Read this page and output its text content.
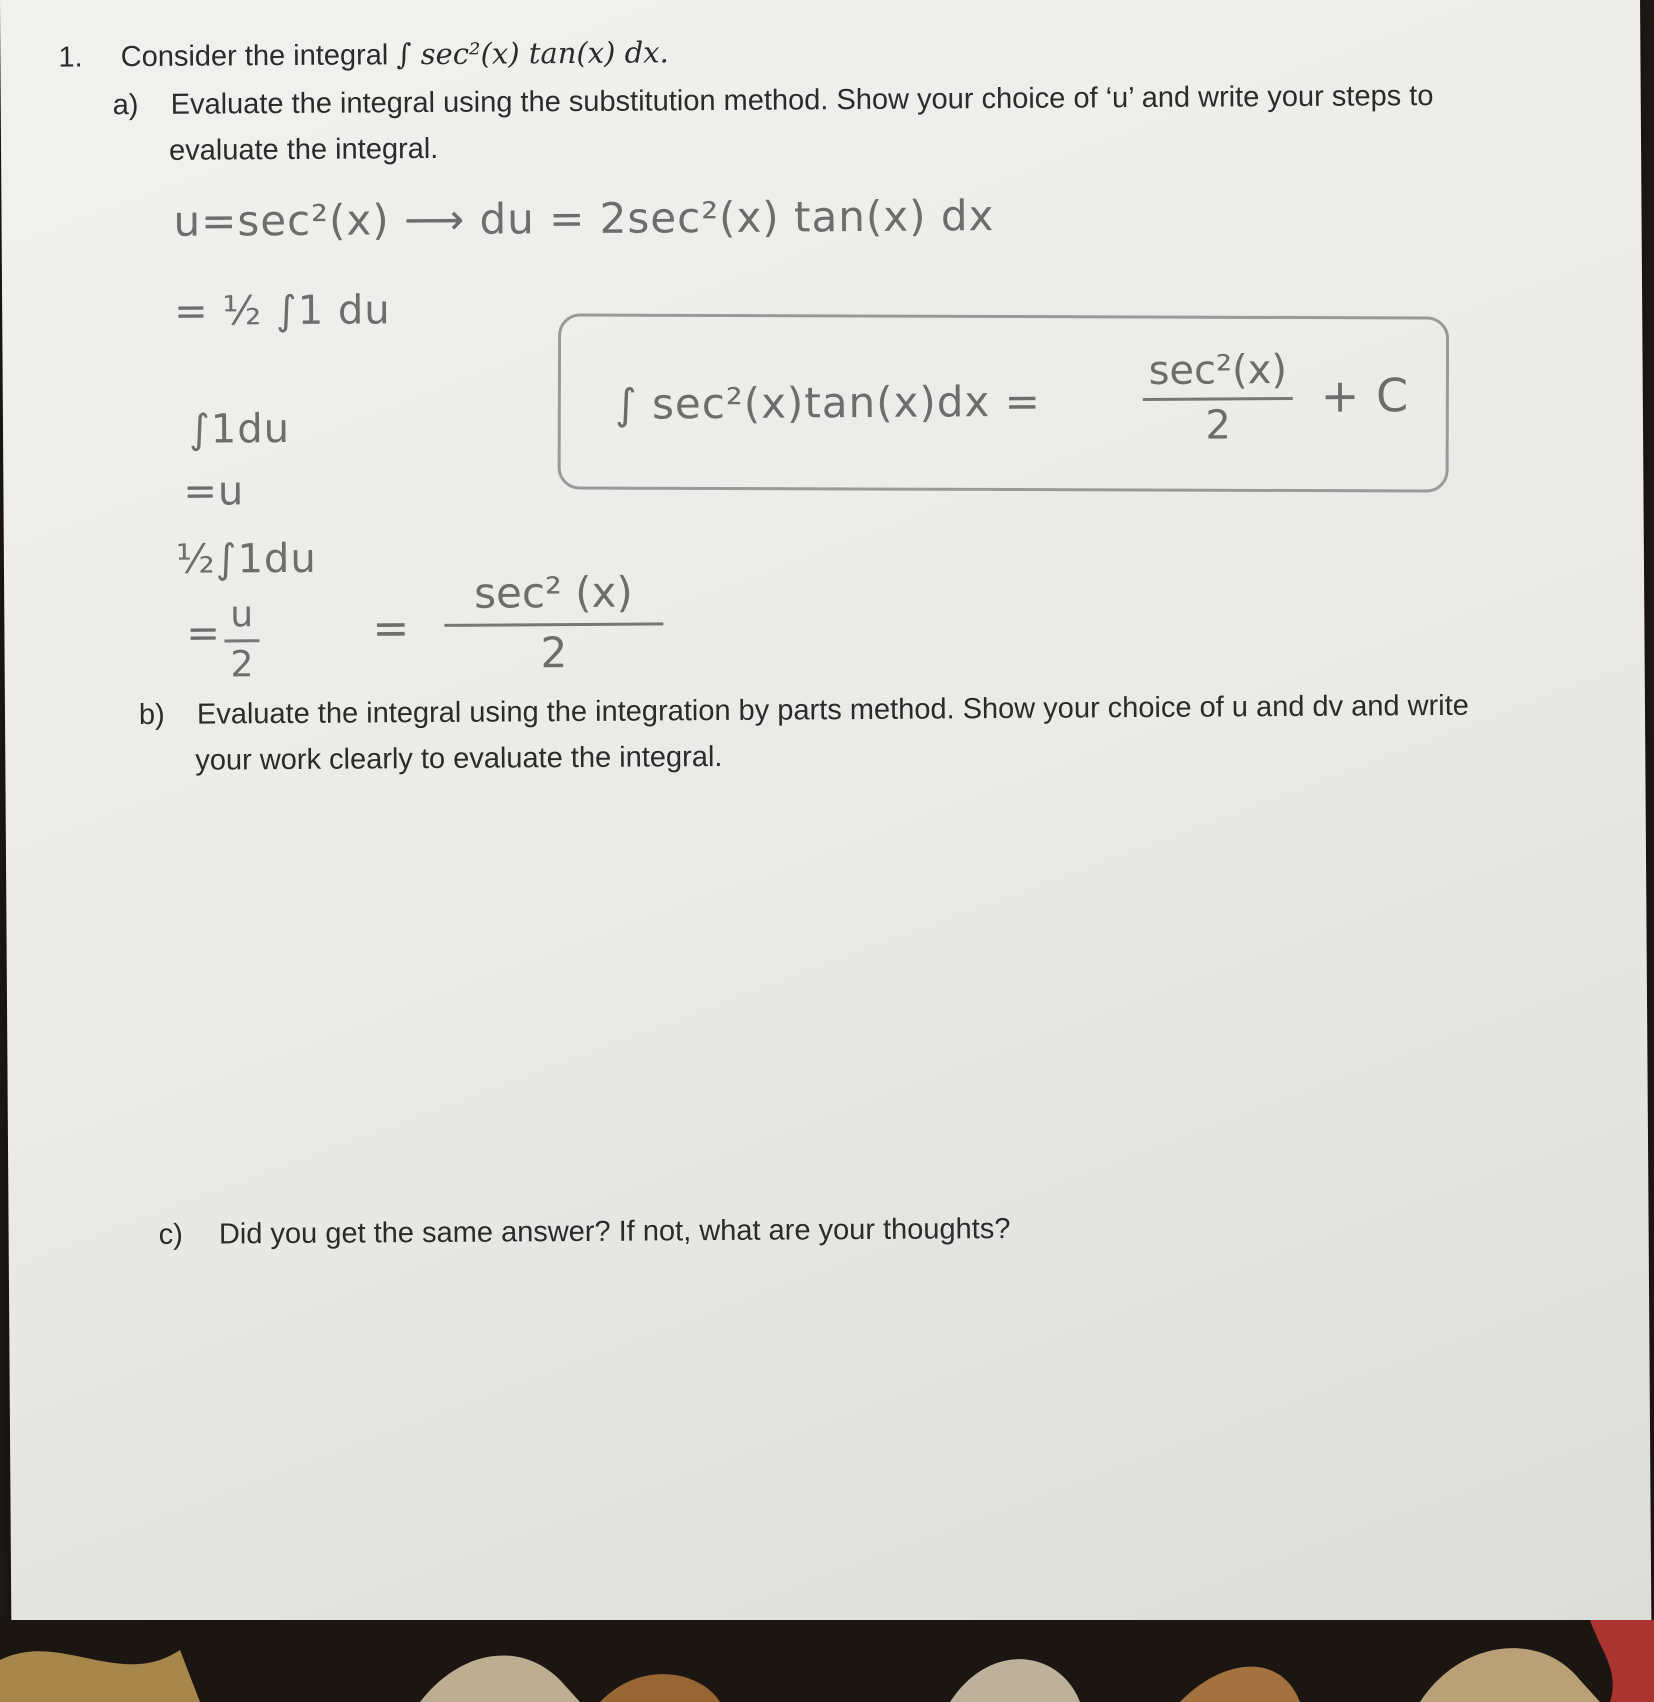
1. Consider the integral ∫ sec²(x) tan(x) dx.
a) Evaluate the integral using the substitution method. Show your choice of ‘u’ and write your steps to
evaluate the integral.
u=sec²(x) ⟶ du = 2sec²(x) tan(x) dx
= ½ ∫1 du
∫1du
=u
½∫1du
= $\frac{u}{2}$	=
sec² (x)
2
∫ sec²(x)tan(x)dx =
sec²(x)
2
+ C
b) Evaluate the integral using the integration by parts method. Show your choice of u and dv and write
your work clearly to evaluate the integral.
c) Did you get the same answer? If not, what are your thoughts?
